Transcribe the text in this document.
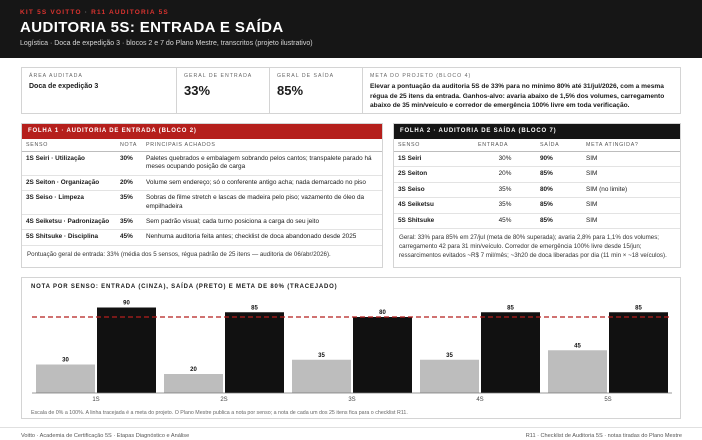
KIT 5S VOITTO · R11 AUDITORIA 5S
AUDITORIA 5S: ENTRADA E SAÍDA
Logística · Doca de expedição 3 · blocos 2 e 7 do Plano Mestre, transcritos (projeto ilustrativo)
ÁREA AUDITADA
Doca de expedição 3
GERAL DE ENTRADA
33%
GERAL DE SAÍDA
85%
META DO PROJETO (BLOCO 4)
Elevar a pontuação da auditoria 5S de 33% para no mínimo 80% até 31/jul/2026, com a mesma régua de 25 itens da entrada. Ganhos-alvo: avaria abaixo de 1,5% dos volumes, carregamento abaixo de 35 min/veículo e corredor de emergência 100% livre em toda verificação.
FOLHA 1 · AUDITORIA DE ENTRADA (BLOCO 2)
SENSO	NOTA	PRINCIPAIS ACHADOS
1S Seiri · Utilização	30%	Paletes quebrados e embalagem sobrando pelos cantos; transpalete parado há meses ocupando posição de carga
2S Seiton · Organização	20%	Volume sem endereço; só o conferente antigo acha; nada demarcado no piso
3S Seiso · Limpeza	35%	Sobras de filme stretch e lascas de madeira pelo piso; vazamento de óleo da empilhadeira
4S Seiketsu · Padronização	35%	Sem padrão visual; cada turno posiciona a carga do seu jeito
5S Shitsuke · Disciplina	45%	Nenhuma auditoria feita antes; checklist de doca abandonado desde 2025
Pontuação geral de entrada: 33% (média dos 5 sensos, régua padrão de 25 itens — auditoria de 06/abr/2026).
FOLHA 2 · AUDITORIA DE SAÍDA (BLOCO 7)
SENSO	ENTRADA	SAÍDA	META ATINGIDA?
1S Seiri	30%	90%	SIM
2S Seiton	20%	85%	SIM
3S Seiso	35%	80%	SIM (no limite)
4S Seiketsu	35%	85%	SIM
5S Shitsuke	45%	85%	SIM
Geral: 33% para 85% em 27/jul (meta de 80% superada); avaria 2,8% para 1,1% dos volumes; carregamento 42 para 31 min/veículo. Corredor de emergência 100% livre desde 15/jun; ressarcimentos evitados ~R$ 7 mil/mês; ~3h20 de doca liberadas por dia (11 min × ~18 veículos).
NOTA POR SENSO: ENTRADA (CINZA), SAÍDA (PRETO) E META DE 80% (TRACEJADO)
30
90
1S
20
85
2S
35
80
3S
35
85
4S
45
85
5S
Escala de 0% a 100%. A linha tracejada é a meta do projeto. O Plano Mestre publica a nota por senso; a nota de cada um dos 25 itens fica para o checklist R11.
Voitto · Academia de Certificação 5S · Etapas Diagnóstico e Análise	R11 · Checklist de Auditoria 5S · notas tiradas do Plano Mestre
